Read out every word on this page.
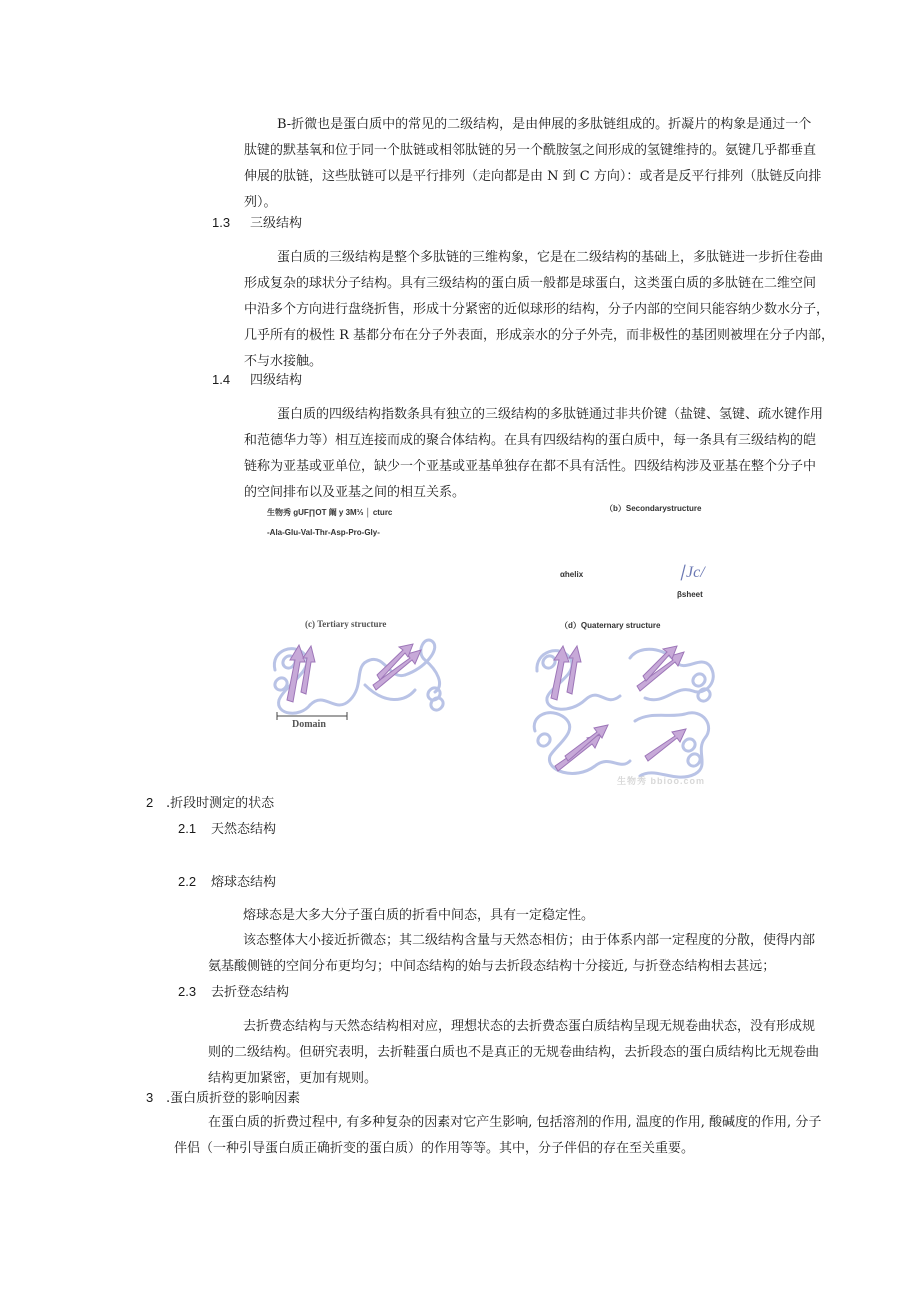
B-折微也是蛋白质中的常见的二级结构，是由伸展的多肽链组成的。折凝片的构象是通过一个
肽键的默基氧和位于同一个肽链或相邻肽链的另一个酰胺氢之间形成的氢键维持的。氨键几乎都垂直
伸展的肽链，这些肽链可以是平行排列（走向都是由 N 到 C 方向）：或者是反平行排列（肽链反向排
列）。
1.3 三级结构
蛋白质的三级结构是整个多肽链的三维构象，它是在二级结构的基础上，多肽链进一步折住卷曲
形成复杂的球状分子结构。具有三级结构的蛋白质一般都是球蛋白，这类蛋白质的多肽链在二维空间
中沿多个方向进行盘绕折售，形成十分紧密的近似球形的结构，分子内部的空间只能容纳少数水分子，
几乎所有的极性 R 基都分布在分子外表面，形成亲水的分子外壳，而非极性的基团则被埋在分子内部，
不与水接触。
1.4 四级结构
蛋白质的四级结构指数条具有独立的三级结构的多肽链通过非共价键（盐键、氢键、疏水键作用
和范德华力等）相互连接而成的聚合体结构。在具有四级结构的蛋白质中，每一条具有三级结构的皑
链称为亚基或亚单位，缺少一个亚基或亚基单独存在都不具有活性。四级结构涉及亚基在整个分子中
的空间排布以及亚基之间的相互关系。
生物秀 gUF∏OT 阚 y 3M⅓ │ cturc
-Ala-Glu-Val-Thr-Asp-Pro-Gly-
（b）Secondarystructure
αhelix	∣Jc/
βsheet
(c) Tertiary structure	（d）Quaternary structure
Domain
生物秀 bbioo.com
2 .折段时测定的状态
2.1 天然态结构
2.2 熔球态结构
熔球态是大多大分子蛋白质的折看中间态，具有一定稳定性。
该态整体大小接近折微态；其二级结构含量与天然态相仿；由于体系内部一定程度的分散，使得内部
氨基酸侧链的空间分布更均匀；中间态结构的始与去折段态结构十分接近, 与折登态结构相去甚远；
2.3 去折登态结构
去折费态结构与天然态结构相对应，理想状态的去折费态蛋白质结构呈现无规卷曲状态，没有形成规
则的二级结构。但研究表明，去折鞋蛋白质也不是真正的无规卷曲结构，去折段态的蛋白质结构比无规卷曲
结构更加紧密，更加有规则。
3 .蛋白质折登的影响因素
在蛋白质的折费过程中, 有多种复杂的因素对它产生影响, 包括溶剂的作用, 温度的作用, 酸碱度的作用, 分子
伴侣（一种引导蛋白质正确折变的蛋白质）的作用等等。其中，分子伴侣的存在至关重要。
